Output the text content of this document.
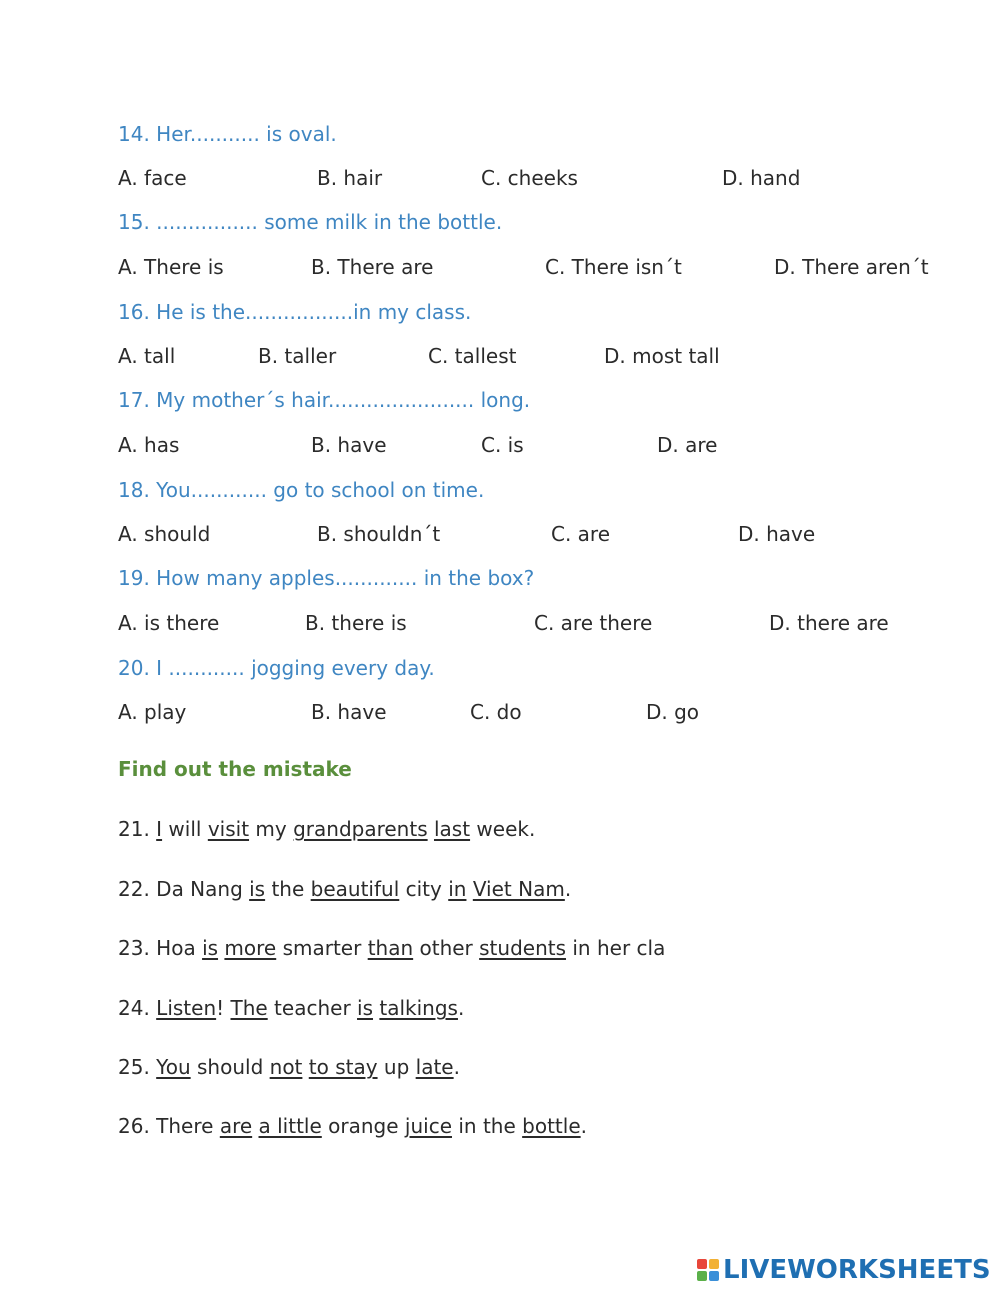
14. Her........... is oval.
A. face	B. hair	C. cheeks	D. hand
15. ................ some milk in the bottle.
A. There is	B. There are	C. There isn´t	D. There aren´t
16. He is the.................in my class.
A. tall	B. taller	C. tallest	D. most tall
17. My mother´s hair....................... long.
A. has	B. have	C. is	D. are
18. You............ go to school on time.
A. should	B. shouldn´t	C. are	D. have
19. How many apples............. in the box?
A. is there	B. there is	C. are there	D. there are
20. I ............ jogging every day.
A. play	B. have	C. do	D. go
Find out the mistake
21. I will visit my grandparents last week.
22. Da Nang is the beautiful city in Viet Nam.
23. Hoa is more smarter than other students in her cla
24. Listen! The teacher is talkings.
25. You should not to stay up late.
26. There are a little orange juice in the bottle.
LIVEWORKSHEETS
